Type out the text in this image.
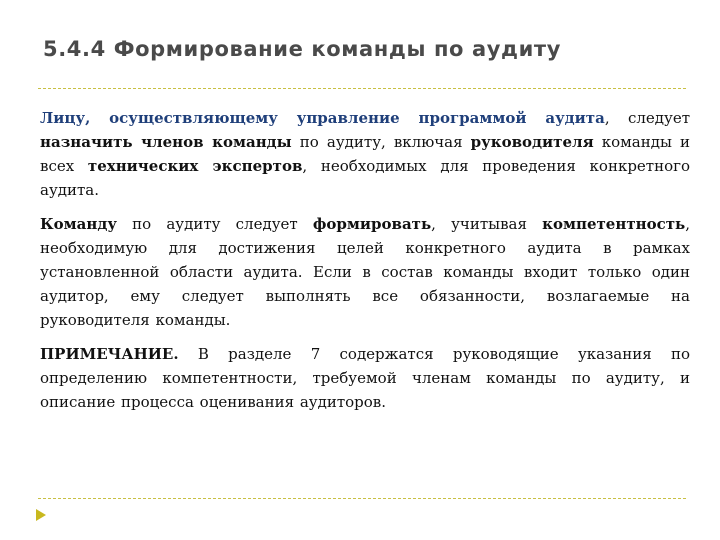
5.4.4 Формирование команды по аудиту

Лицу, осуществляющему управление программой аудита, следует назначить членов команды по аудиту, включая руководителя команды и всех технических экспертов, необходимых для проведения конкретного аудита.

Команду по аудиту следует формировать, учитывая компетентность, необходимую для достижения целей конкретного аудита в рамках установленной области аудита. Если в состав команды входит только один аудитор, ему следует выполнять все обязанности, возлагаемые на руководителя команды.

ПРИМЕЧАНИЕ. В разделе 7 содержатся руководящие указания по определению компетентности, требуемой членам команды по аудиту, и описание процесса оценивания аудиторов.
